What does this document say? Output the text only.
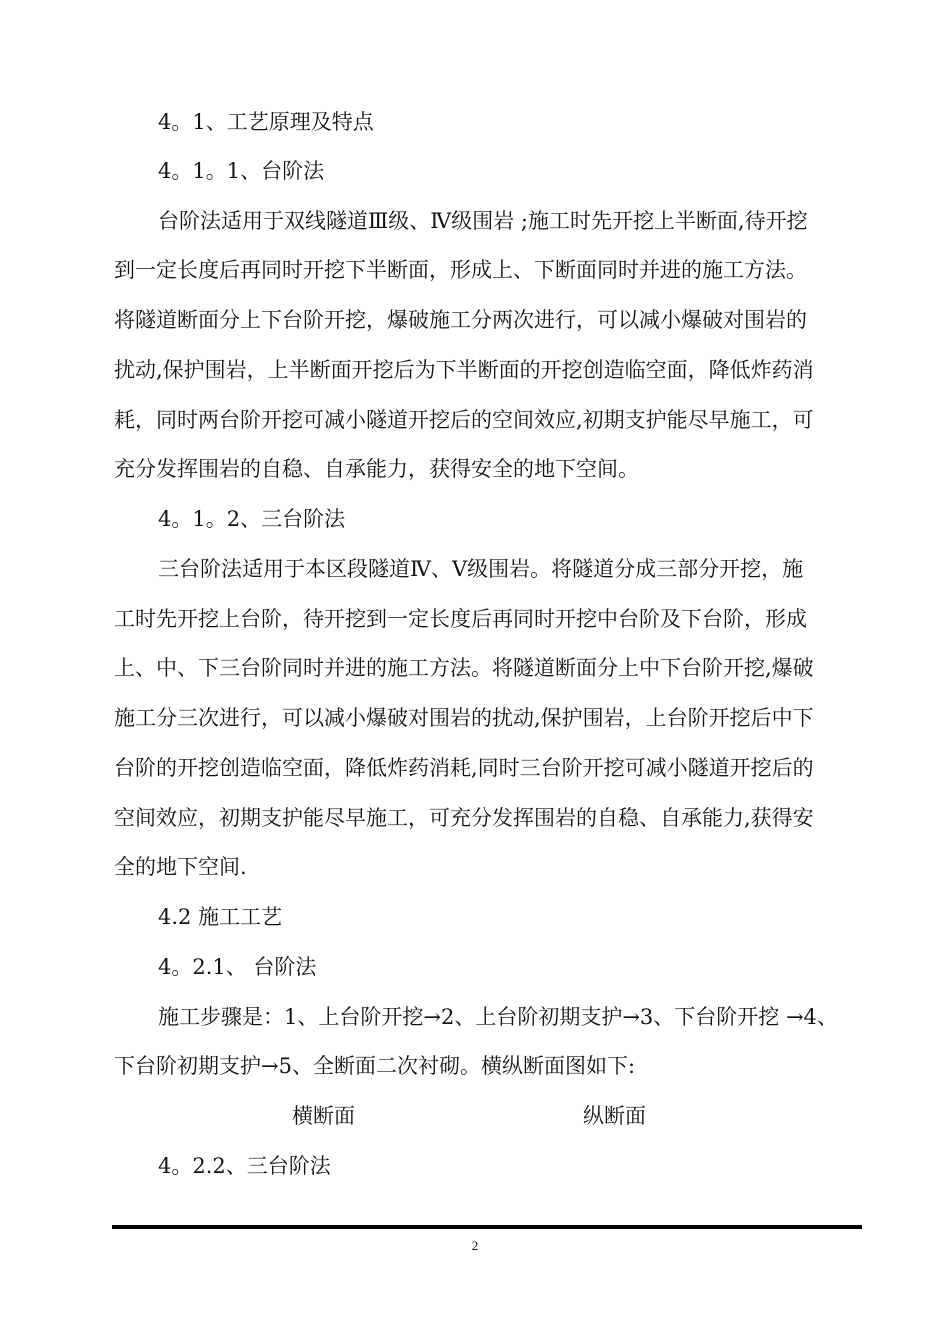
4。1、工艺原理及特点
4。1。1、台阶法
台阶法适用于双线隧道Ⅲ级、Ⅳ级围岩 ;施工时先开挖上半断面,待开挖
到一定长度后再同时开挖下半断面，形成上、下断面同时并进的施工方法。
将隧道断面分上下台阶开挖，爆破施工分两次进行，可以减小爆破对围岩的
扰动,保护围岩，上半断面开挖后为下半断面的开挖创造临空面，降低炸药消
耗，同时两台阶开挖可减小隧道开挖后的空间效应,初期支护能尽早施工，可
充分发挥围岩的自稳、自承能力，获得安全的地下空间。
4。1。2、三台阶法
三台阶法适用于本区段隧道Ⅳ、Ⅴ级围岩。将隧道分成三部分开挖，施
工时先开挖上台阶，待开挖到一定长度后再同时开挖中台阶及下台阶，形成
上、中、下三台阶同时并进的施工方法。将隧道断面分上中下台阶开挖,爆破
施工分三次进行，可以减小爆破对围岩的扰动,保护围岩，上台阶开挖后中下
台阶的开挖创造临空面，降低炸药消耗,同时三台阶开挖可减小隧道开挖后的
空间效应，初期支护能尽早施工，可充分发挥围岩的自稳、自承能力,获得安
全的地下空间.
4.2 施工工艺
4。2.1、 台阶法
施工步骤是：1、上台阶开挖→2、上台阶初期支护→3、下台阶开挖 →4、
下台阶初期支护→5、全断面二次衬砌。横纵断面图如下:
横断面	纵断面
4。2.2、三台阶法
2
